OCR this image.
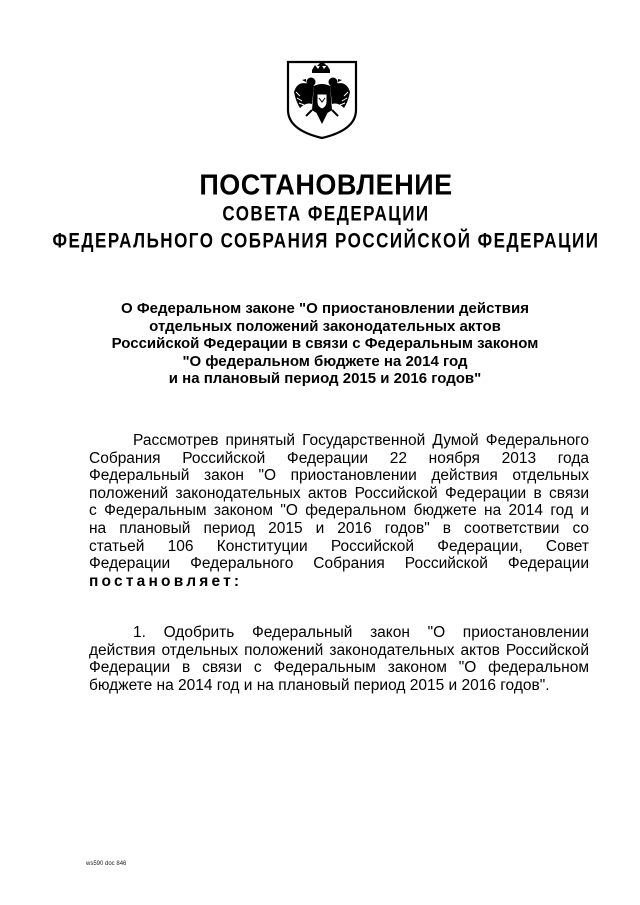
ПОСТАНОВЛЕНИЕ
СОВЕТА ФЕДЕРАЦИИ
ФЕДЕРАЛЬНОГО СОБРАНИЯ РОССИЙСКОЙ ФЕДЕРАЦИИ
О Федеральном законе "О приостановлении действия
отдельных положений законодательных актов
Российской Федерации в связи с Федеральным законом
"О федеральном бюджете на 2014 год
и на плановый период 2015 и 2016 годов"
Рассмотрев принятый Государственной Думой Федерального
Собрания Российской Федерации 22 ноября 2013 года
Федеральный закон "О приостановлении действия отдельных
положений законодательных актов Российской Федерации в связи
с Федеральным законом "О федеральном бюджете на 2014 год и
на плановый период 2015 и 2016 годов" в соответствии со
статьей 106 Конституции Российской Федерации, Совет
Федерации Федерального Собрания Российской Федерации
постановляет:
1. Одобрить Федеральный закон "О приостановлении
действия отдельных положений законодательных актов Российской
Федерации в связи с Федеральным законом "О федеральном
бюджете на 2014 год и на плановый период 2015 и 2016 годов".
ws590 doc 846
